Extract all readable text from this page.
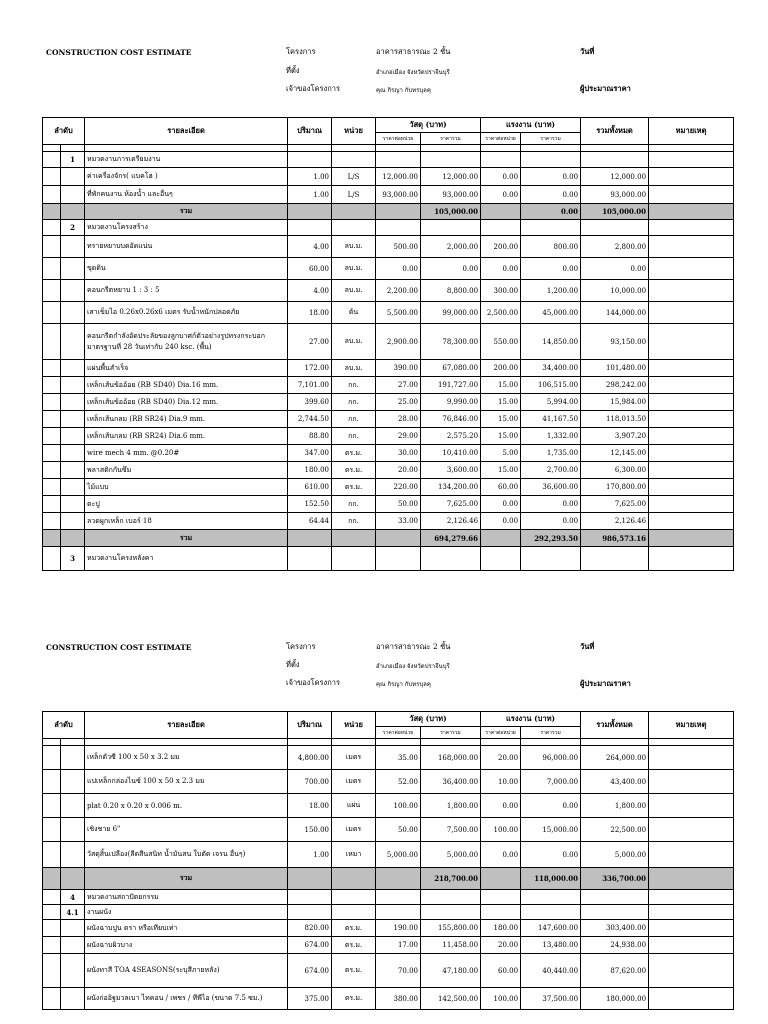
CONSTRUCTION COST ESTIMATE	โครงการ	อาคารสาธารณะ 2 ชั้น	วันที่
ที่ตั้ง	อำเภอเมือง จังหวัดปราจีนบุรี
เจ้าของโครงการ	คุณ กิรญา กับทรบุลคุ	ผู้ประมาณราคา
ลำดับ		รายละเอียด	ปริมาณ	หน่วย	วัสดุ (บาท)		แรงงาน (บาท)		รวมทั้งหมด	หมายเหตุ
					ราคาต่อหน่วย	ราคารวม	ราคาต่อหน่วย	ราคารวม		

	1	หมวดงานการเตรียมงาน								
		ค่าเครื่องจักร( แบคโฮ )	1.00	L/S	12,000.00	12,000.00	0.00	0.00	12,000.00	
		ที่พักคนงาน ห้องน้ำ และอื่นๆ	1.00	L/S	93,000.00	93,000.00	0.00	0.00	93,000.00	
		รวม				105,000.00		0.00	105,000.00	
	2	หมวดงานโครงสร้าง								
		ทรายหยาบบดอัดแน่น	4.00	ลบ.ม.	500.00	2,000.00	200.00	800.00	2,800.00	
		ขุดดิน	60.00	ลบ.ม.	0.00	0.00	0.00	0.00	0.00	
		คอนกรีตหยาบ 1 : 3 : 5	4.00	ลบ.ม.	2,200.00	8,800.00	300.00	1,200.00	10,000.00	
		เสาเข็มไอ 0.26x0.26x6 เมตร รับน้ำหนักปลอดภัย	18.00	ต้น	5,500.00	99,000.00	2,500.00	45,000.00	144,000.00	

		คอนกรีตกำลังอัดประลัยของลูกบาศก์ตัวอย่างรูปทรงกระบอก
มาตรฐานที่ 28 วันเท่ากับ 240 ksc. (พื้น)	27.00	ลบ.ม.	2,900.00	78,300.00	550.00	14,850.00	93,150.00	
		แผ่นพื้นสำเร็จ	172.00	ลบ.ม.	390.00	67,080.00	200.00	34,400.00	101,480.00	
		เหล็กเส้นข้ออ้อย (RB SD40) Dia.16 mm.	7,101.00	กก.	27.00	191,727.00	15.00	106,515.00	298,242.00	
		เหล็กเส้นข้ออ้อย (RB SD40) Dia.12 mm.	399.60	กก.	25.00	9,990.00	15.00	5,994.00	15,984.00	
		เหล็กเส้นกลม (RB SR24) Dia.9 mm.	2,744.50	กก.	28.00	76,846.00	15.00	41,167.50	118,013.50	
		เหล็กเส้นกลม (RB SR24) Dia.6 mm.	88.80	กก.	29.00	2,575.20	15.00	1,332.00	3,907.20	
		wire mech 4 mm. @0.20#	347.00	ตร.ม.	30.00	10,410.00	5.00	1,735.00	12,145.00	
		พลาสติกกันซึม	180.00	ตร.ม.	20.00	3,600.00	15.00	2,700.00	6,300.00	
		ไม้แบบ	610.00	ตร.ม.	220.00	134,200.00	60.00	36,600.00	170,800.00	
		ตะปู	152.50	กก.	50.00	7,625.00	0.00	0.00	7,625.00	
		ลวดผูกเหล็ก เบอร์ 18	64.44	กก.	33.00	2,126.46	0.00	0.00	2,126.46	
		รวม				694,279.66		292,293.50	986,573.16	
	3	หมวดงานโครงหลังคา								
CONSTRUCTION COST ESTIMATE	โครงการ	อาคารสาธารณะ 2 ชั้น	วันที่
ที่ตั้ง	อำเภอเมือง จังหวัดปราจีนบุรี
เจ้าของโครงการ	คุณ กิรญา กับทรบุลคุ	ผู้ประมาณราคา
ลำดับ		รายละเอียด	ปริมาณ	หน่วย	วัสดุ (บาท)		แรงงาน (บาท)		รวมทั้งหมด	หมายเหตุ
					ราคาต่อหน่วย	ราคารวม	ราคาต่อหน่วย	ราคารวม		

		เหล็กตัวซี 100 x 50 x 3.2 มม	4,800.00	เมตร	35.00	168,000.00	20.00	96,000.00	264,000.00	
		แปเหล็กกล่องไนซ์ 100 x 50 x 2.3 มม	700.00	เมตร	52.00	36,400.00	10.00	7,000.00	43,400.00	
		plat 0.20 x 0.20 x 0.006 m.	18.00	แผ่น	100.00	1,800.00	0.00	0.00	1,800.00	
		เชิงชาย 6"	150.00	เมตร	50.00	7,500.00	100.00	15,000.00	22,500.00	
		วัสดุสิ้นเปลือง(ลีดสีนสนิท น้ำมันสน ใบตัด เจรน อื่นๆ)	1.00	เหมา	5,000.00	5,000.00	0.00	0.00	5,000.00	
		รวม				218,700.00		118,000.00	336,700.00	
	4	หมวดงานสถาปัตยกรรม								
	4.1	งานผนัง								
		ผนังฉาบปูน ตรา หรือเทียบเท่า	820.00	ตร.ม.	190.00	155,800.00	180.00	147,600.00	303,400.00	
		ผนังฉาบผิวบาง	674.00	ตร.ม.	17.00	11,458.00	20.00	13,480.00	24,938.00	
		ผนังทาสี TOA 4SEASONS(ระบุสีภายหลัง)	674.00	ตร.ม.	70.00	47,180.00	60.00	40,440.00	87,620.00	
		ผนังก่ออิฐมวลเบา ไทคอน / เพชร / ทีพีไอ (ขนาด 7.5 ซม.)	375.00	ตร.ม.	380.00	142,500.00	100.00	37,500.00	180,000.00	
